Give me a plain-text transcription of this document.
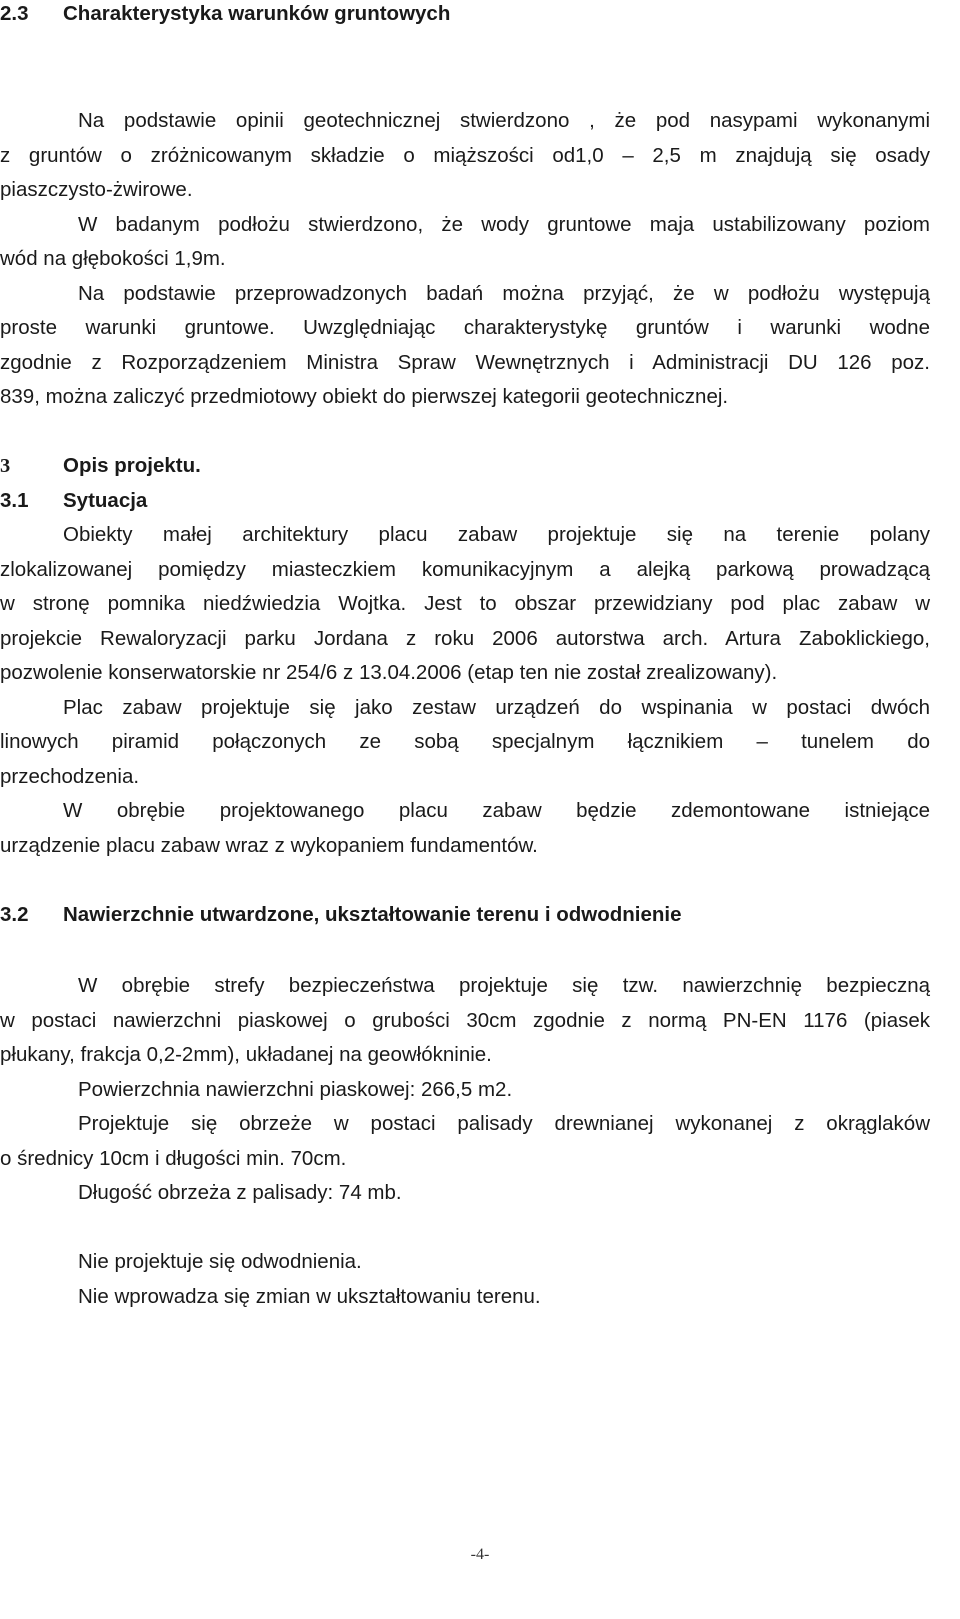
2.3 Charakterystyka warunków gruntowych
Na podstawie opinii geotechnicznej stwierdzono , że pod nasypami wykonanymi
z gruntów o zróżnicowanym składzie o miąższości od1,0 – 2,5 m znajdują się osady
piaszczysto-żwirowe.
W badanym podłożu stwierdzono, że wody gruntowe maja ustabilizowany poziom
wód na głębokości 1,9m.
Na podstawie przeprowadzonych badań można przyjąć, że w podłożu występują
proste warunki gruntowe. Uwzględniając charakterystykę gruntów i warunki wodne
zgodnie z Rozporządzeniem Ministra Spraw Wewnętrznych i Administracji DU 126 poz.
839, można zaliczyć przedmiotowy obiekt do pierwszej kategorii geotechnicznej.
3	Opis projektu.
3.1 Sytuacja
Obiekty małej architektury placu zabaw projektuje się na terenie polany
zlokalizowanej pomiędzy miasteczkiem komunikacyjnym a alejką parkową prowadzącą
w stronę pomnika niedźwiedzia Wojtka. Jest to obszar przewidziany pod plac zabaw w
projekcie Rewaloryzacji parku Jordana z roku 2006 autorstwa arch. Artura Zaboklickiego,
pozwolenie konserwatorskie nr 254/6 z 13.04.2006 (etap ten nie został zrealizowany).
Plac zabaw projektuje się jako zestaw urządzeń do wspinania w postaci dwóch
linowych piramid połączonych ze sobą specjalnym łącznikiem – tunelem do
przechodzenia.
W obrębie projektowanego placu zabaw będzie zdemontowane istniejące
urządzenie placu zabaw wraz z wykopaniem fundamentów.
3.2 Nawierzchnie utwardzone, ukształtowanie terenu i odwodnienie
W obrębie strefy bezpieczeństwa projektuje się tzw. nawierzchnię bezpieczną
w postaci nawierzchni piaskowej o grubości 30cm zgodnie z normą PN-EN 1176 (piasek
płukany, frakcja 0,2-2mm), układanej na geowłókninie.
Powierzchnia nawierzchni piaskowej: 266,5 m2.
Projektuje się obrzeże w postaci palisady drewnianej wykonanej z okrąglaków
o średnicy 10cm i długości min. 70cm.
Długość obrzeża z palisady: 74 mb.
Nie projektuje się odwodnienia.
Nie wprowadza się zmian w ukształtowaniu terenu.
-4-
